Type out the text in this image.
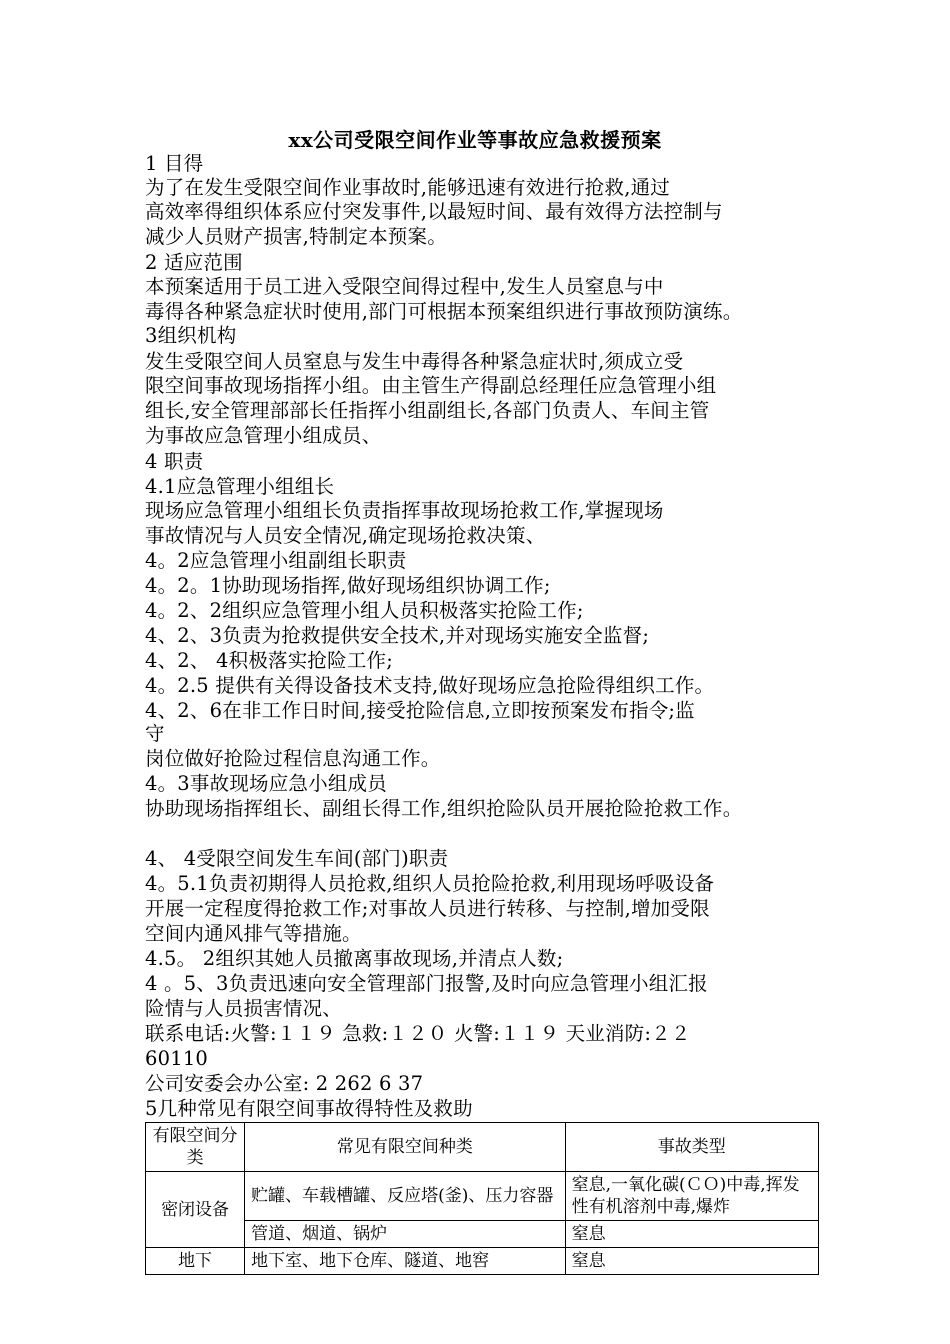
xx公司受限空间作业等事故应急救援预案
1 目得
为了在发生受限空间作业事故时,能够迅速有效进行抢救,通过
高效率得组织体系应付突发事件,以最短时间、最有效得方法控制与
减少人员财产损害,特制定本预案。
2 适应范围
本预案适用于员工进入受限空间得过程中,发生人员窒息与中
毒得各种紧急症状时使用,部门可根据本预案组织进行事故预防演练。
3组织机构
发生受限空间人员窒息与发生中毒得各种紧急症状时,须成立受
限空间事故现场指挥小组。由主管生产得副总经理任应急管理小组
组长,安全管理部部长任指挥小组副组长,各部门负责人、车间主管
为事故应急管理小组成员、
4 职责
4.1应急管理小组组长
现场应急管理小组组长负责指挥事故现场抢救工作,掌握现场
事故情况与人员安全情况,确定现场抢救决策、
4。2应急管理小组副组长职责
4。2。1协助现场指挥,做好现场组织协调工作;
4。2、2组织应急管理小组人员积极落实抢险工作;
4、2、3负责为抢救提供安全技术,并对现场实施安全监督;
4、2、 4积极落实抢险工作;
4。2.5 提供有关得设备技术支持,做好现场应急抢险得组织工作。
4、2、6在非工作日时间,接受抢险信息,立即按预案发布指令;监
守
岗位做好抢险过程信息沟通工作。
4。3事故现场应急小组成员
协助现场指挥组长、副组长得工作,组织抢险队员开展抢险抢救工作。
4、 4受限空间发生车间(部门)职责
4。5.1负责初期得人员抢救,组织人员抢险抢救,利用现场呼吸设备
开展一定程度得抢救工作;对事故人员进行转移、与控制,增加受限
空间内通风排气等措施。
4.5。 2组织其她人员撤离事故现场,并清点人数;
4 。5、3负责迅速向安全管理部门报警,及时向应急管理小组汇报
险情与人员损害情况、
联系电话:火警:１１９ 急救:１２０ 火警:１１９ 天业消防:２２
60110
公司安委会办公室: 2 262 6 37
5几种常见有限空间事故得特性及救助
有限空间分类	常见有限空间种类	事故类型
密闭设备	贮罐、车载槽罐、反应塔(釜)、压力容器	窒息,一氧化碳(ＣＯ)中毒,挥发性有机溶剂中毒,爆炸
	管道、烟道、锅炉	窒息
地下	地下室、地下仓库、隧道、地窖	窒息
